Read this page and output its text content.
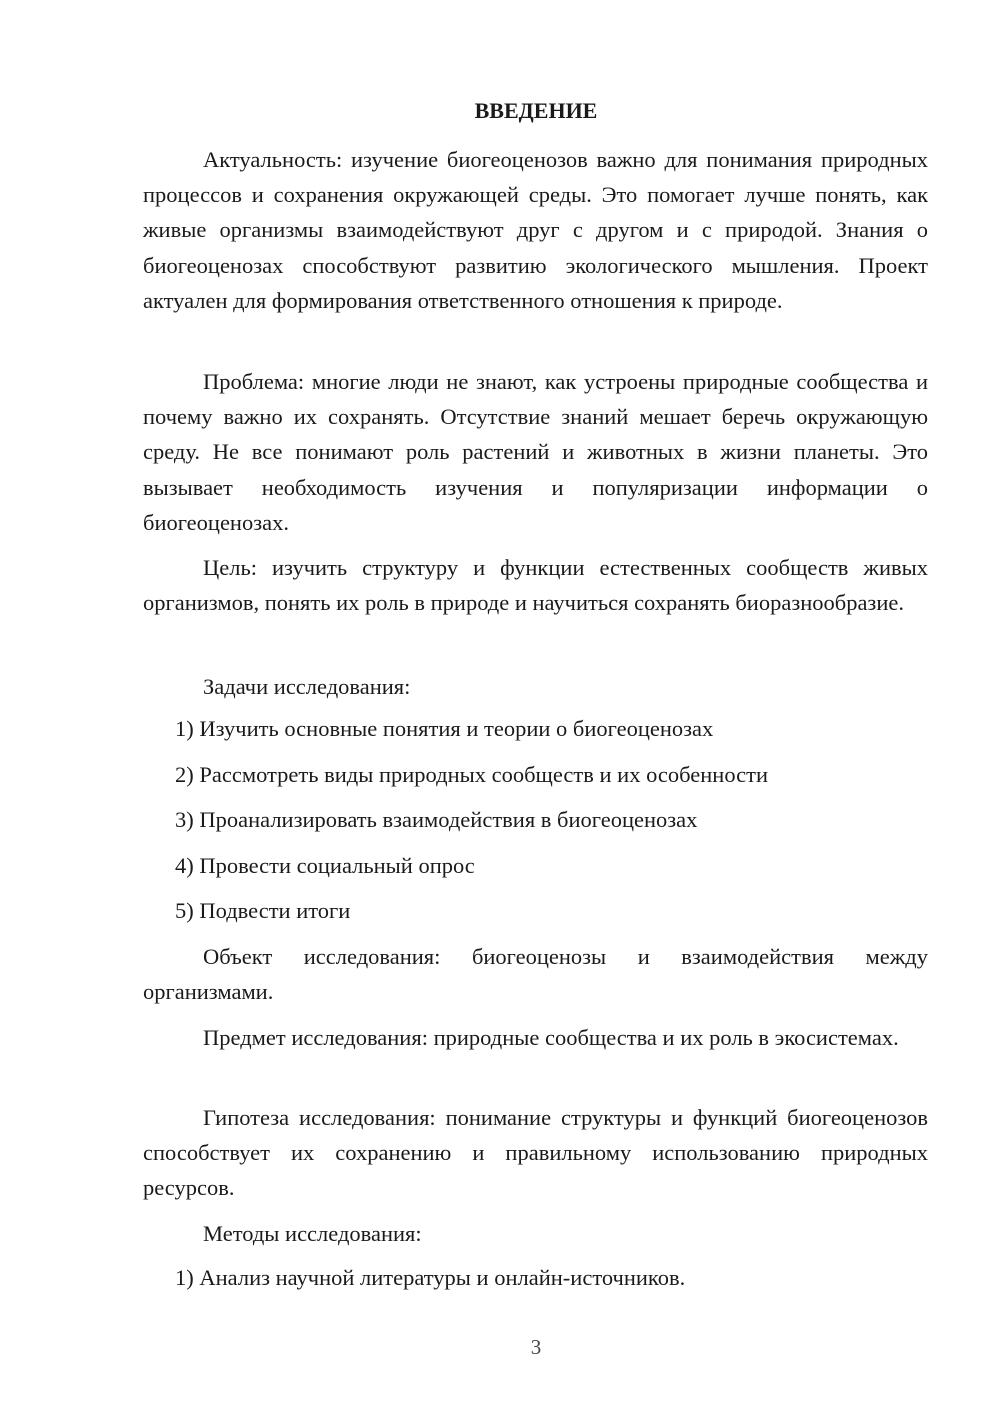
ВВЕДЕНИЕ

Актуальность: изучение биогеоценозов важно для понимания природных процессов и сохранения окружающей среды. Это помогает лучше понять, как живые организмы взаимодействуют друг с другом и с природой. Знания о биогеоценозах способствуют развитию экологического мышления. Проект актуален для формирования ответственного отношения к природе.

Проблема: многие люди не знают, как устроены природные сообщества и почему важно их сохранять. Отсутствие знаний мешает беречь окружающую среду. Не все понимают роль растений и животных в жизни планеты. Это вызывает необходимость изучения и популяризации информации о биогеоценозах.

Цель: изучить структуру и функции естественных сообществ живых организмов, понять их роль в природе и научиться сохранять биоразнообразие.

Задачи исследования:

1) Изучить основные понятия и теории о биогеоценозах

2) Рассмотреть виды природных сообществ и их особенности

3) Проанализировать взаимодействия в биогеоценозах

4) Провести социальный опрос

5) Подвести итоги

Объект исследования: биогеоценозы и взаимодействия между организмами.

Предмет исследования: природные сообщества и их роль в экосистемах.

Гипотеза исследования: понимание структуры и функций биогеоценозов способствует их сохранению и правильному использованию природных ресурсов.

Методы исследования:

1) Анализ научной литературы и онлайн-источников.

3
